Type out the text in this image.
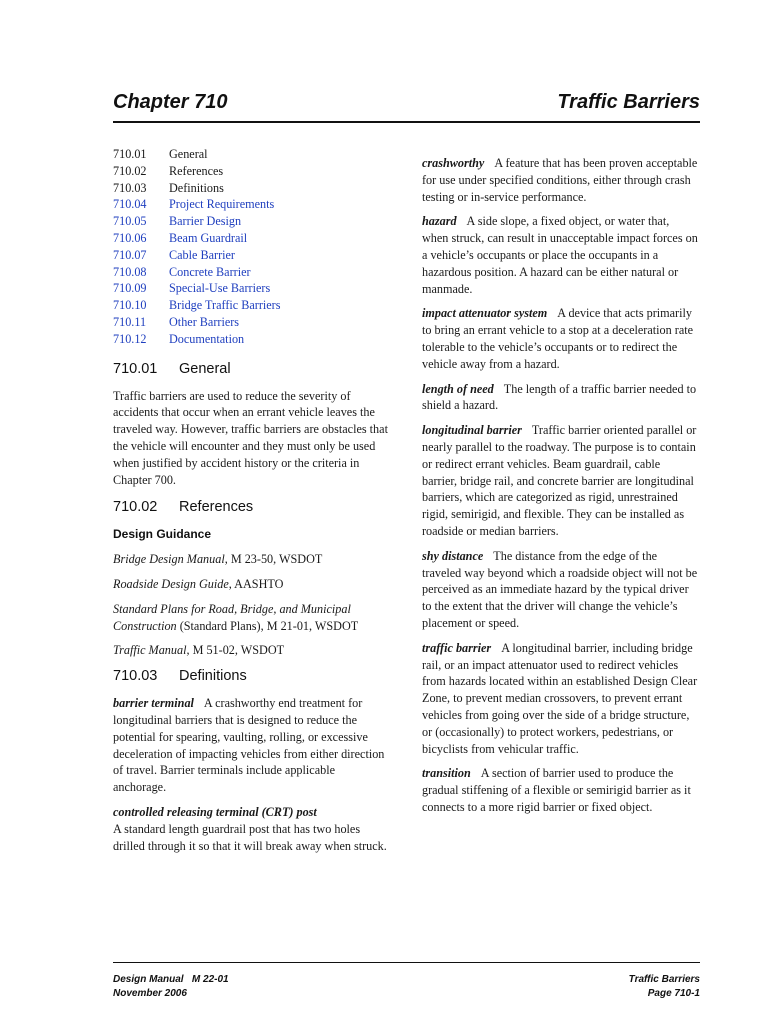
Chapter 710	Traffic Barriers
710.01	General
710.02	References
710.03	Definitions
710.04	Project Requirements
710.05	Barrier Design
710.06	Beam Guardrail
710.07	Cable Barrier
710.08	Concrete Barrier
710.09	Special-Use Barriers
710.10	Bridge Traffic Barriers
710.11	Other Barriers
710.12	Documentation
710.01 General

Traffic barriers are used to reduce the severity of accidents that occur when an errant vehicle leaves the traveled way. However, traffic barriers are obstacles that the vehicle will encounter and they must only be used when justified by accident history or the criteria in Chapter 700.

710.02 References
Design Guidance
Bridge Design Manual, M 23-50, WSDOT
Roadside Design Guide, AASHTO
Standard Plans for Road, Bridge, and Municipal Construction (Standard Plans), M 21-01, WSDOT
Traffic Manual, M 51-02, WSDOT
710.03 Definitions
barrier terminal A crashworthy end treatment for longitudinal barriers that is designed to reduce the potential for spearing, vaulting, rolling, or excessive deceleration of impacting vehicles from either direction of travel. Barrier terminals include applicable anchorage.
controlled releasing terminal (CRT) post
A standard length guardrail post that has two holes drilled through it so that it will break away when struck.
crashworthy A feature that has been proven acceptable for use under specified conditions, either through crash testing or in-service performance.
hazard A side slope, a fixed object, or water that, when struck, can result in unacceptable impact forces on a vehicle’s occupants or place the occupants in a hazardous position. A hazard can be either natural or manmade.
impact attenuator system A device that acts primarily to bring an errant vehicle to a stop at a deceleration rate tolerable to the vehicle’s occupants or to redirect the vehicle away from a hazard.
length of need The length of a traffic barrier needed to shield a hazard.
longitudinal barrier Traffic barrier oriented parallel or nearly parallel to the roadway. The purpose is to contain or redirect errant vehicles. Beam guardrail, cable barrier, bridge rail, and concrete barrier are longitudinal barriers, which are categorized as rigid, unrestrained rigid, semirigid, and flexible. They can be installed as roadside or median barriers.
shy distance The distance from the edge of the traveled way beyond which a roadside object will not be perceived as an immediate hazard by the typical driver to the extent that the driver will change the vehicle’s placement or speed.
traffic barrier A longitudinal barrier, including bridge rail, or an impact attenuator used to redirect vehicles from hazards located within an established Design Clear Zone, to prevent median crossovers, to prevent errant vehicles from going over the side of a bridge structure, or (occasionally) to protect workers, pedestrians, or bicyclists from vehicular traffic.
transition A section of barrier used to produce the gradual stiffening of a flexible or semirigid barrier as it connects to a more rigid barrier or fixed object.
Design Manual   M 22-01
November 2006
Traffic Barriers
Page 710-1
